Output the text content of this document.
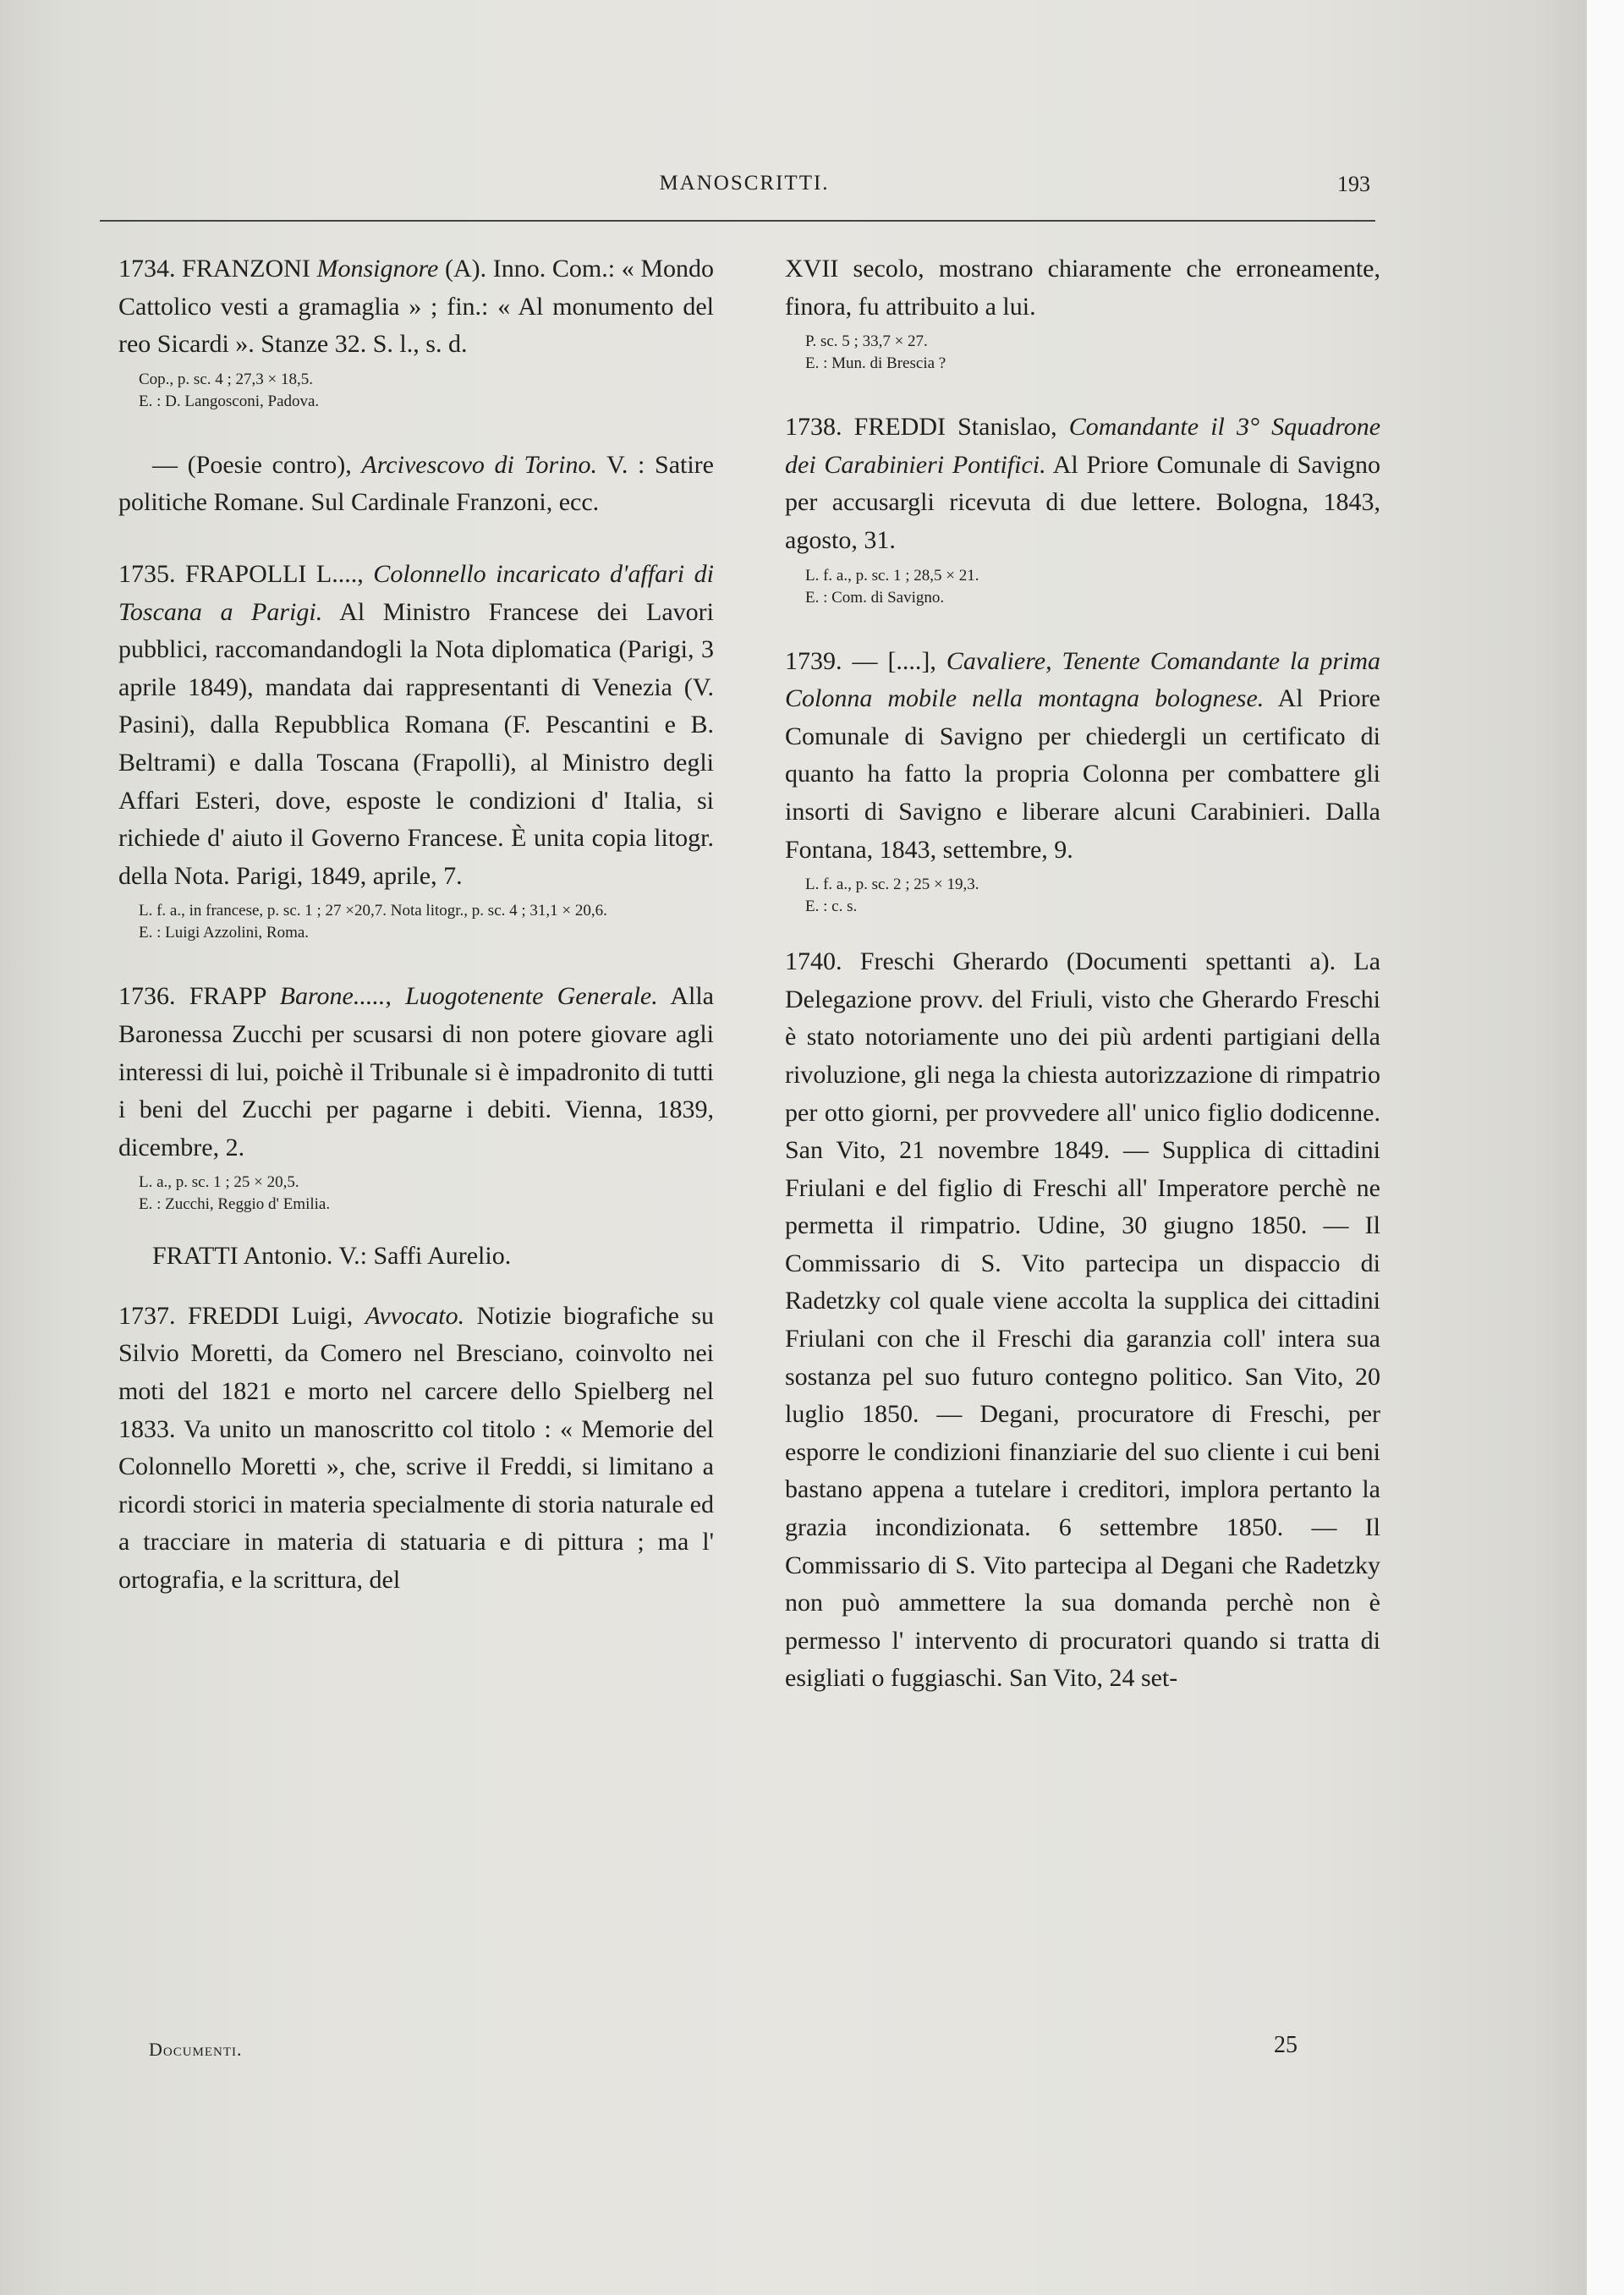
MANOSCRITTI.	193

1734. FRANZONI Monsignore (A). Inno. Com.: « Mondo Cattolico vesti a gramaglia » ; fin.: « Al monumento del reo Sicardi ». Stanze 32. S. l., s. d.

Cop., p. sc. 4 ; 27,3 × 18,5.
E. : D. Langosconi, Padova.

— (Poesie contro), Arcivescovo di Torino. V. : Satire politiche Romane. Sul Cardinale Franzoni, ecc.

1735. FRAPOLLI L...., Colonnello incaricato d'affari di Toscana a Parigi. Al Ministro Francese dei Lavori pubblici, raccomandandogli la Nota diplomatica (Parigi, 3 aprile 1849), mandata dai rappresentanti di Venezia (V. Pasini), dalla Repubblica Romana (F. Pescantini e B. Beltrami) e dalla Toscana (Frapolli), al Ministro degli Affari Esteri, dove, esposte le condizioni d' Italia, si richiede d' aiuto il Governo Francese. È unita copia litogr. della Nota. Parigi, 1849, aprile, 7.

L. f. a., in francese, p. sc. 1 ; 27 ×20,7. Nota litogr., p. sc. 4 ; 31,1 × 20,6.
E. : Luigi Azzolini, Roma.

1736. FRAPP Barone....., Luogotenente Generale. Alla Baronessa Zucchi per scusarsi di non potere giovare agli interessi di lui, poichè il Tribunale si è impadronito di tutti i beni del Zucchi per pagarne i debiti. Vienna, 1839, dicembre, 2.

L. a., p. sc. 1 ; 25 × 20,5.
E. : Zucchi, Reggio d' Emilia.
FRATTI Antonio. V.: Saffi Aurelio.

1737. FREDDI Luigi, Avvocato. Notizie biografiche su Silvio Moretti, da Comero nel Bresciano, coinvolto nei moti del 1821 e morto nel carcere dello Spielberg nel 1833. Va unito un manoscritto col titolo : « Memorie del Colonnello Moretti », che, scrive il Freddi, si limitano a ricordi storici in materia specialmente di storia naturale ed a tracciare in materia di statuaria e di pittura ; ma l' ortografia, e la scrittura, del

XVII secolo, mostrano chiaramente che erroneamente, finora, fu attribuito a lui.

P. sc. 5 ; 33,7 × 27.
E. : Mun. di Brescia ?

1738. FREDDI Stanislao, Comandante il 3° Squadrone dei Carabinieri Pontifici. Al Priore Comunale di Savigno per accusargli ricevuta di due lettere. Bologna, 1843, agosto, 31.

L. f. a., p. sc. 1 ; 28,5 × 21.
E. : Com. di Savigno.

1739. — [....], Cavaliere, Tenente Comandante la prima Colonna mobile nella montagna bolognese. Al Priore Comunale di Savigno per chiedergli un certificato di quanto ha fatto la propria Colonna per combattere gli insorti di Savigno e liberare alcuni Carabinieri. Dalla Fontana, 1843, settembre, 9.

L. f. a., p. sc. 2 ; 25 × 19,3.
E. : c. s.

1740. Freschi Gherardo (Documenti spettanti a). La Delegazione provv. del Friuli, visto che Gherardo Freschi è stato notoriamente uno dei più ardenti partigiani della rivoluzione, gli nega la chiesta autorizzazione di rimpatrio per otto giorni, per provvedere all' unico figlio dodicenne. San Vito, 21 novembre 1849. — Supplica di cittadini Friulani e del figlio di Freschi all' Imperatore perchè ne permetta il rimpatrio. Udine, 30 giugno 1850. — Il Commissario di S. Vito partecipa un dispaccio di Radetzky col quale viene accolta la supplica dei cittadini Friulani con che il Freschi dia garanzia coll' intera sua sostanza pel suo futuro contegno politico. San Vito, 20 luglio 1850. — Degani, procuratore di Freschi, per esporre le condizioni finanziarie del suo cliente i cui beni bastano appena a tutelare i creditori, implora pertanto la grazia incondizionata. 6 settembre 1850. — Il Commissario di S. Vito partecipa al Degani che Radetzky non può ammettere la sua domanda perchè non è permesso l' intervento di procuratori quando si tratta di esigliati o fuggiaschi. San Vito, 24 set-

Documenti.	25
